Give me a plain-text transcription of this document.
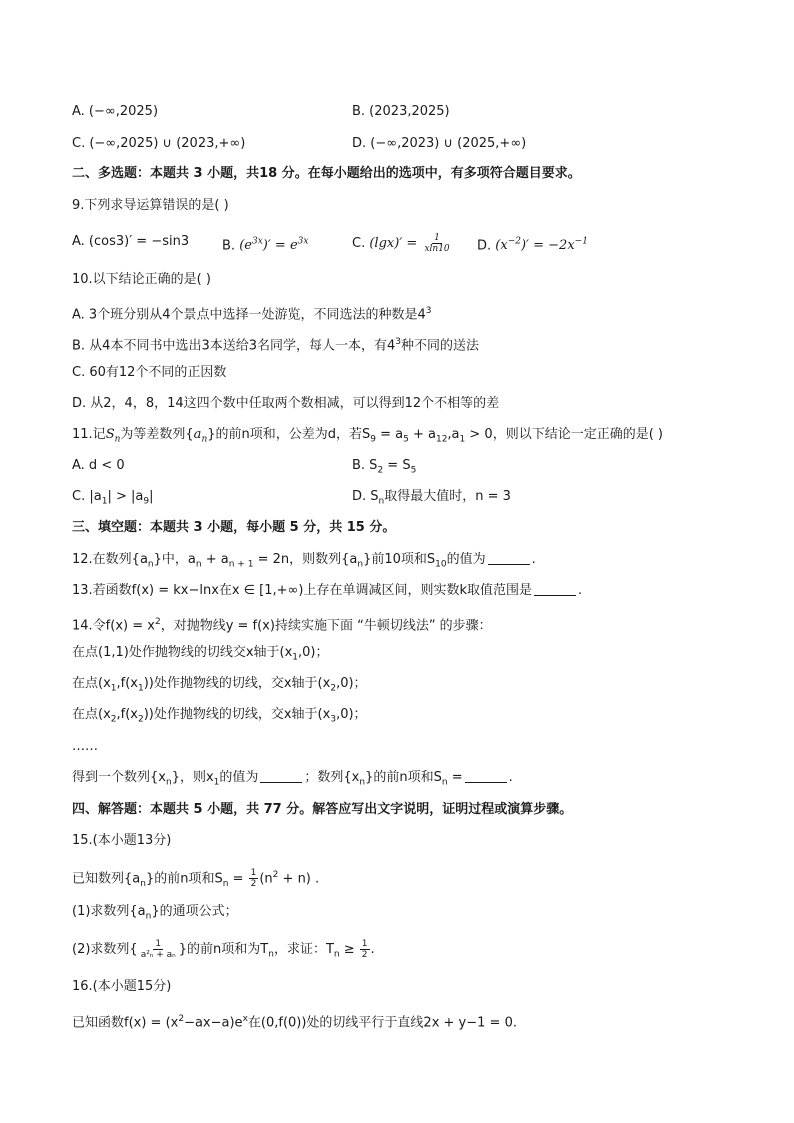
A. (−∞,2025)	B. (2023,2025)
C. (−∞,2025) ∪ (2023,+∞)	D. (−∞,2023) ∪ (2025,+∞)
二、多选题：本题共 3 小题，共18 分。在每小题给出的选项中，有多项符合题目要求。
9.下列求导运算错误的是( )
A. (cos3)′ = −sin3	B. $(e^{3x})' = e^{3x}$	C. $(\lg x)' = \frac{1}{xln10} D$. $(x^{-2})' = -2x^{-1}$
10.以下结论正确的是( )
A. 3个班分别从4个景点中选择一处游览，不同选法的种数是$4^3$
B. 从4本不同书中选出3本送给3名同学，每人一本，有$4^3$种不同的送法
C. 60有12个不同的正因数
D. 从2，4，8，14这四个数中任取两个数相减，可以得到12个不相等的差
11.记$S_n$为等差数列$\{a_n\}$的前n项和，公差为d，若$S_9 = a_5 + a_{12},a_1 > 0$，则以下结论一定正确的是( )
A. d < 0	B. $S_2 = S_5$
C. $|a_1| > |a_9|$	D. $S_n$取得最大值时，n = 3
三、填空题：本题共 3 小题，每小题 5 分，共 15 分。
12.在数列$\{a_n\}$中，$a_n + a_{n + 1} = 2n$，则数列$\{a_n\}$前10项和$S_{10}$的值为	.
13.若函数f(x) = kx−lnx在x ∈ [1,+∞)上存在单调减区间，则实数k取值范围是	.
14.令$f(x) = x^2$，对抛物线y = f(x)持续实施下面 “牛顿切线法” 的步骤：
在点(1,1)处作抛物线的切线交x轴于$(x_1,0)$；
在点$(x_1,f(x_1))$处作抛物线的切线，交x轴于$(x_2,0)$；
在点$(x_2,f(x_2))$处作抛物线的切线，交x轴于$(x_3,0)$；
……
得到一个数列$\{x_n\}$，则$x_1$的值为	；数列$\{x_n\}$的前n项和$S_n$ =	.
四、解答题：本题共 5 小题，共 77 分。解答应写出文字说明，证明过程或演算步骤。
15.(本小题13分)
已知数列$\{a_n\}$的前n项和$S_n = \frac{1}{2} (n^2 + n)$ .
(1)求数列$\{a_n\}$的通项公式；
(2)求数列{ $\frac{1}{\text{a²ₙ + aₙ}}$ }的前n项和为$T_n$，求证：$T_n \ge \frac{1}{2}$ .
16.(本小题15分)
已知函数$f(x) = (x^2-ax-a)e^x$在(0,f(0))处的切线平行于直线2x + y−1 = 0.
